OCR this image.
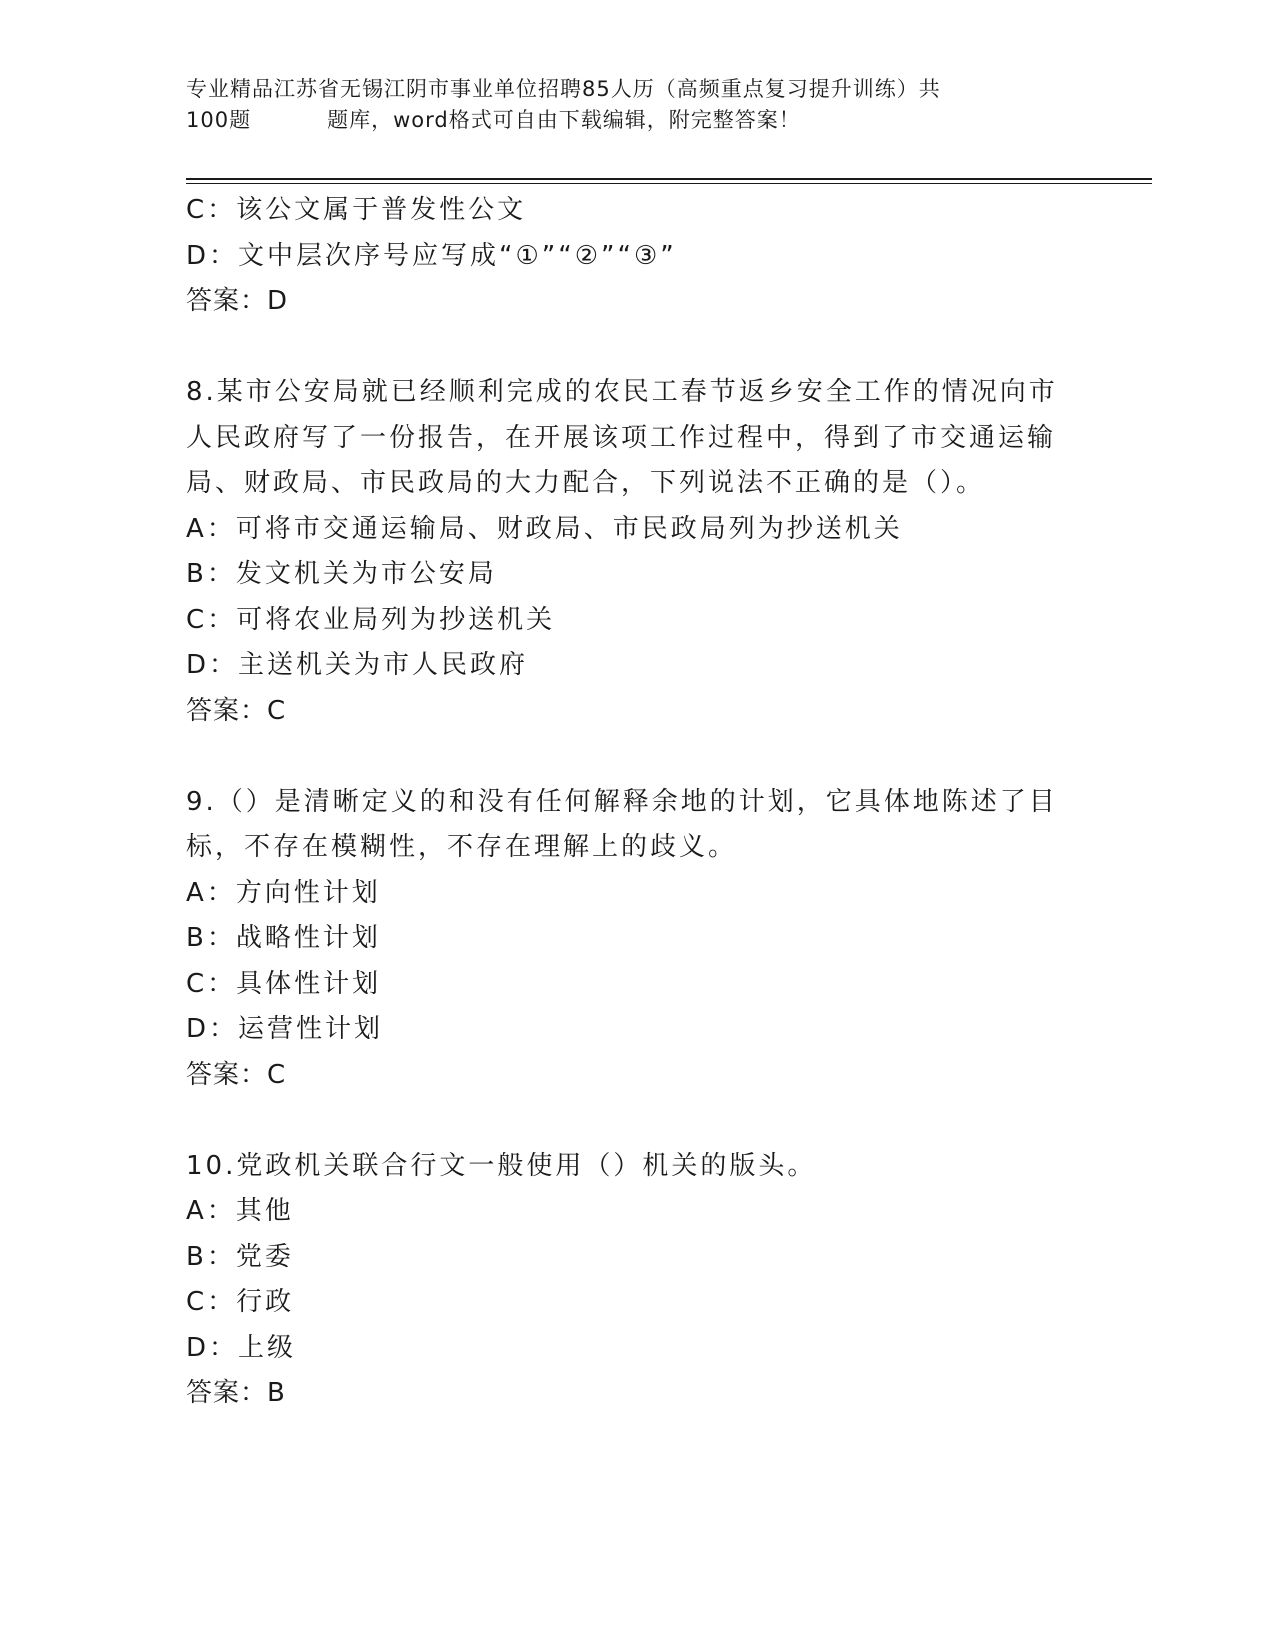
专业精品江苏省无锡江阴市事业单位招聘85人历（高频重点复习提升训练）共
100题	题库，word格式可自由下载编辑，附完整答案！

C：该公文属于普发性公文

D：文中层次序号应写成“①”“②”“③”

答案：D

8.某市公安局就已经顺利完成的农民工春节返乡安全工作的情况向市

人民政府写了一份报告，在开展该项工作过程中，得到了市交通运输

局、财政局、市民政局的大力配合，下列说法不正确的是（）。

A：可将市交通运输局、财政局、市民政局列为抄送机关

B：发文机关为市公安局

C：可将农业局列为抄送机关

D：主送机关为市人民政府

答案：C

9.（）是清晰定义的和没有任何解释余地的计划，它具体地陈述了目

标，不存在模糊性，不存在理解上的歧义。

A：方向性计划

B：战略性计划

C：具体性计划

D：运营性计划

答案：C

10.党政机关联合行文一般使用（）机关的版头。

A：其他

B：党委

C：行政

D：上级

答案：B
